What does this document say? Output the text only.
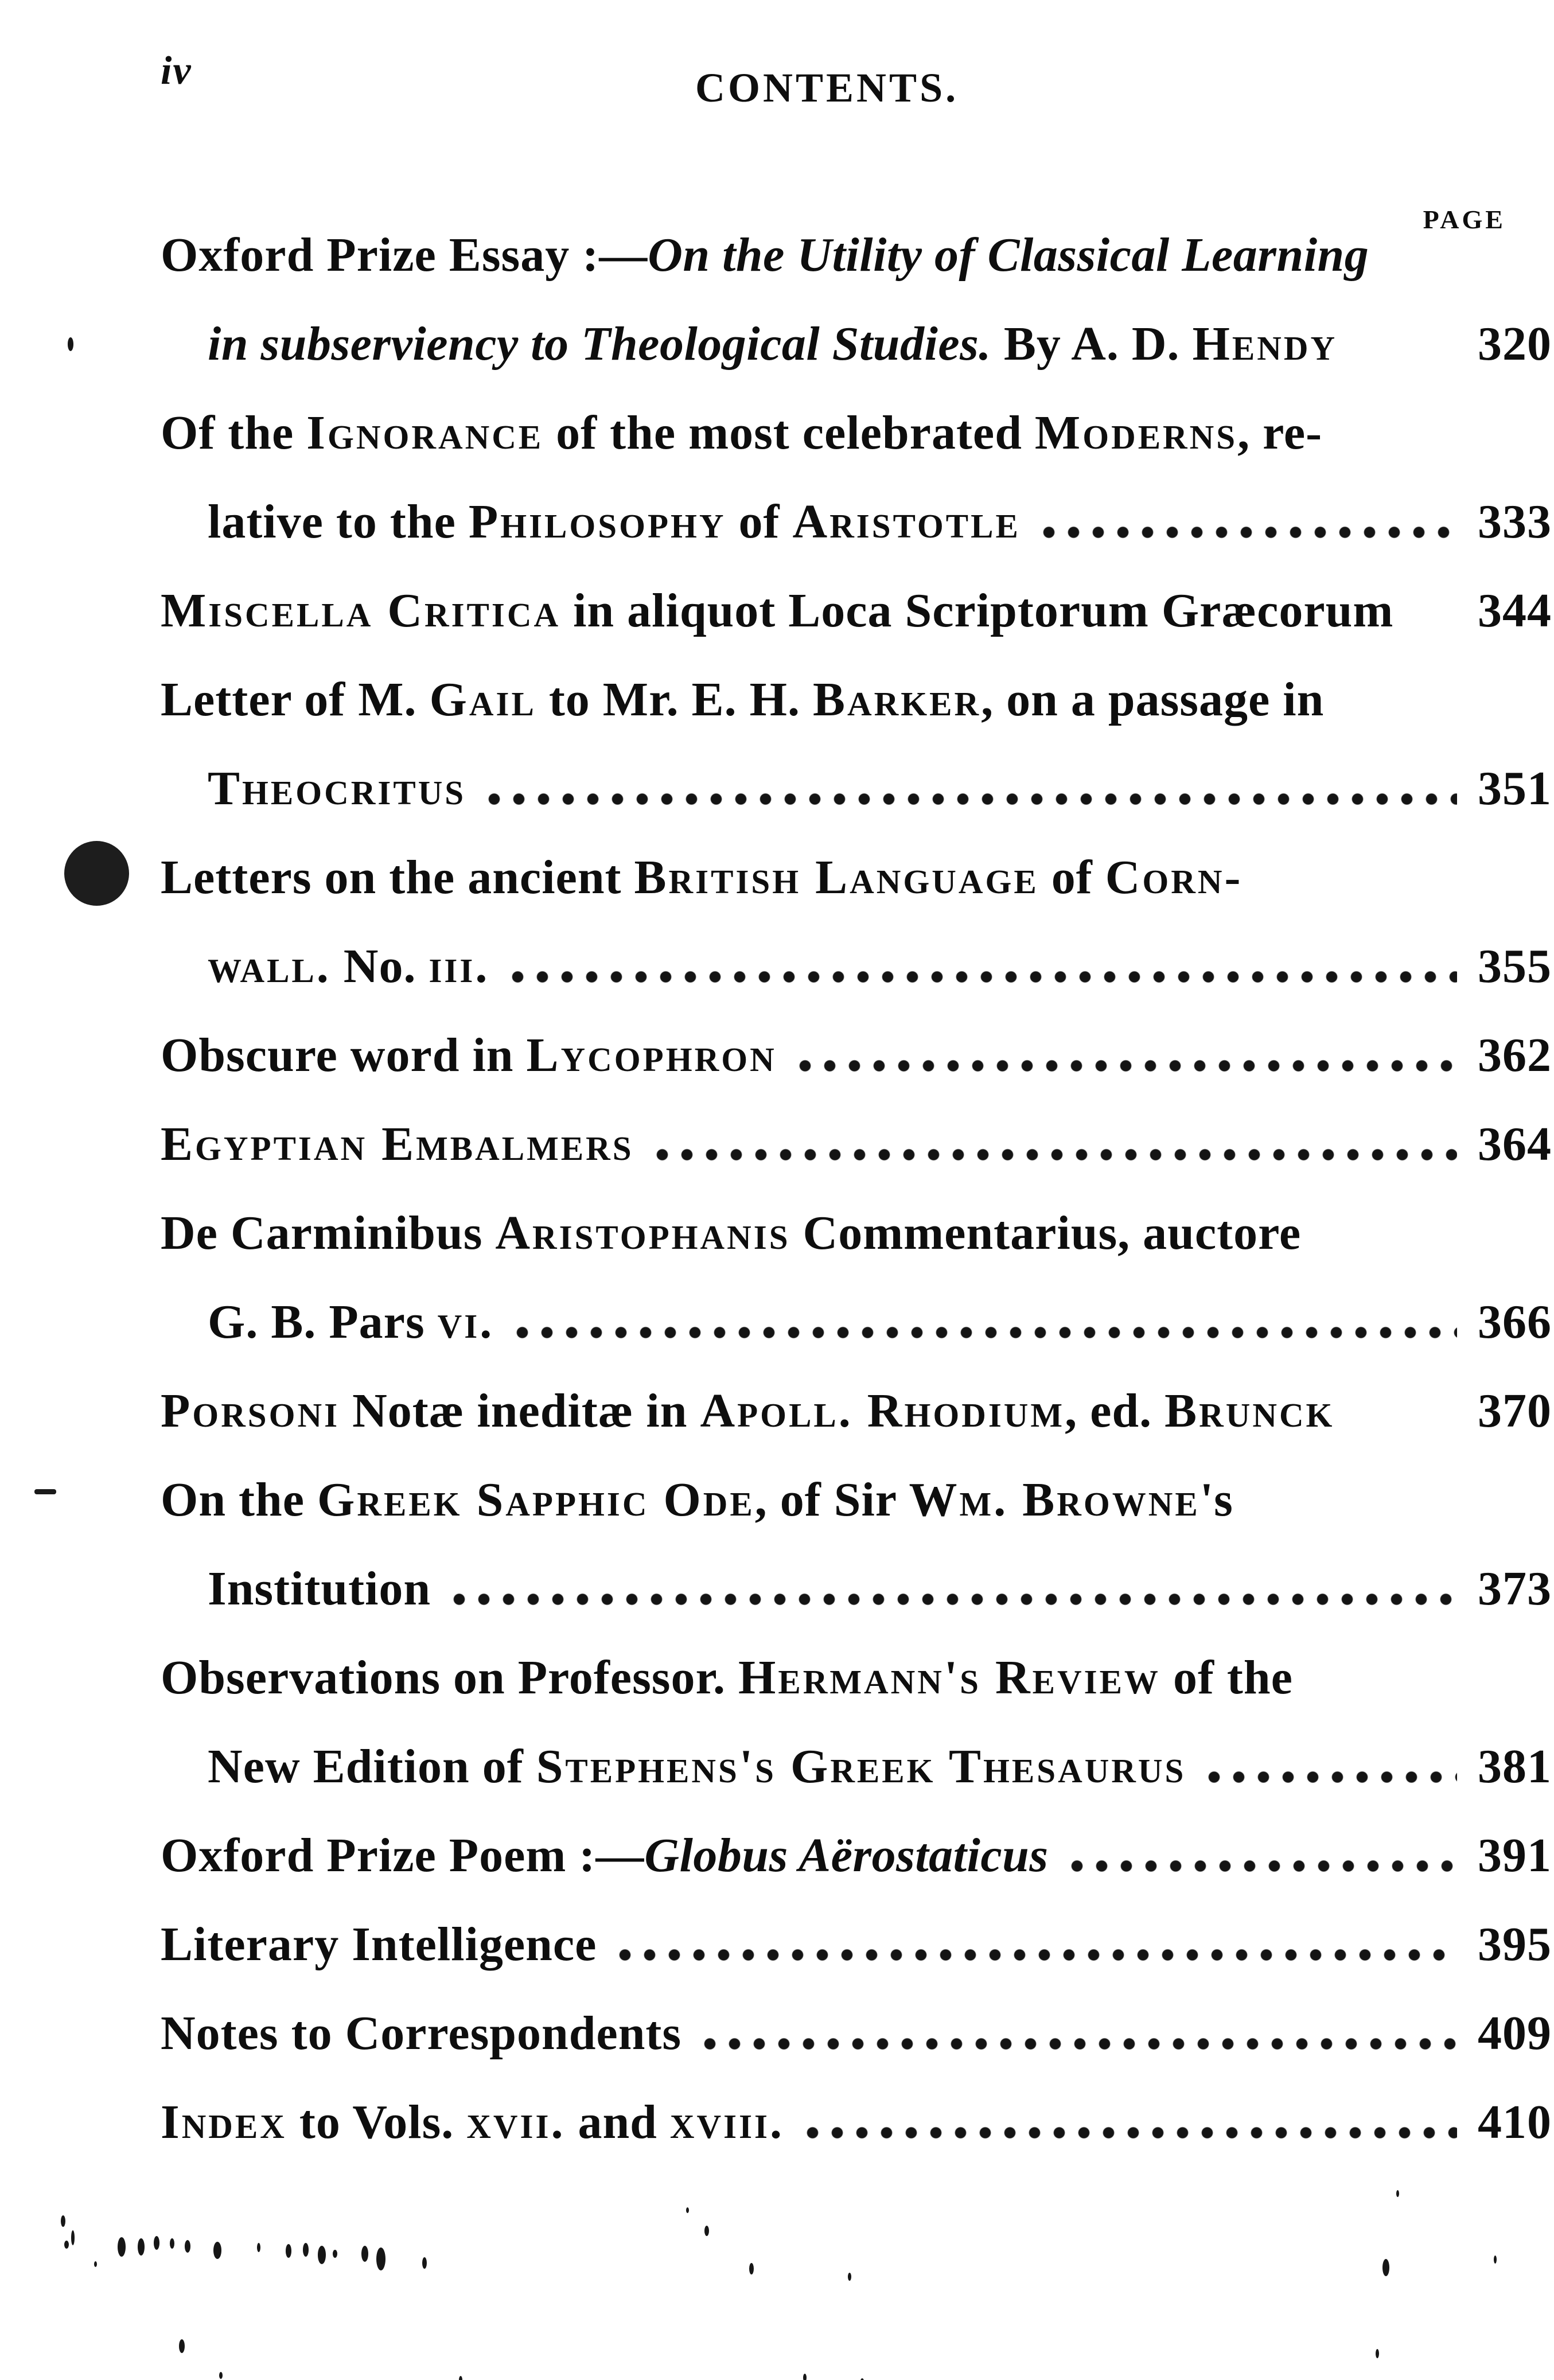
iv	CONTENTS.
PAGE
Oxford Prize Essay :—On the Utility of Classical Learning
in subserviency to Theological Studies. By A. D. Hendy	320
Of the Ignorance of the most celebrated Moderns, re-
lative to the Philosophy of Aristotle	333
Miscella Critica in aliquot Loca Scriptorum Græcorum 344
Letter of M. Gail to Mr. E. H. Barker, on a passage in
Theocritus	351
Letters on the ancient British Language of Corn-
wall. No. iii.	355
Obscure word in Lycophron	362
Egyptian Embalmers	364
De Carminibus Aristophanis Commentarius, auctore
G. B. Pars vi.	366
Porsoni Notæ ineditæ in Apoll. Rhodium, ed. Brunck	370
On the Greek Sapphic Ode, of Sir Wm. Browne's
Institution	373
Observations on Professor. Hermann's Review of the
New Edition of Stephens's Greek Thesaurus	381
Oxford Prize Poem :—Globus Aërostaticus	391
Literary Intelligence	395
Notes to Correspondents	409
Index to Vols. xvii. and xviii.	410
